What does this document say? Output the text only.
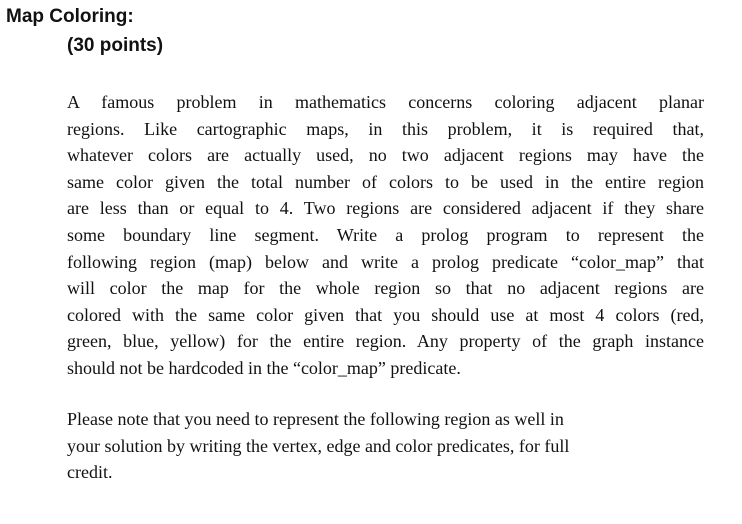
Map Coloring:
(30 points)
A famous problem in mathematics concerns coloring adjacent planar
regions. Like cartographic maps, in this problem, it is required that,
whatever colors are actually used, no two adjacent regions may have the
same color given the total number of colors to be used in the entire region
are less than or equal to 4. Two regions are considered adjacent if they share
some boundary line segment. Write a prolog program to represent the
following region (map) below and write a prolog predicate “color_map” that
will color the map for the whole region so that no adjacent regions are
colored with the same color given that you should use at most 4 colors (red,
green, blue, yellow) for the entire region. Any property of the graph instance
should not be hardcoded in the “color_map” predicate.
Please note that you need to represent the following region as well in
your solution by writing the vertex, edge and color predicates, for full
credit.
